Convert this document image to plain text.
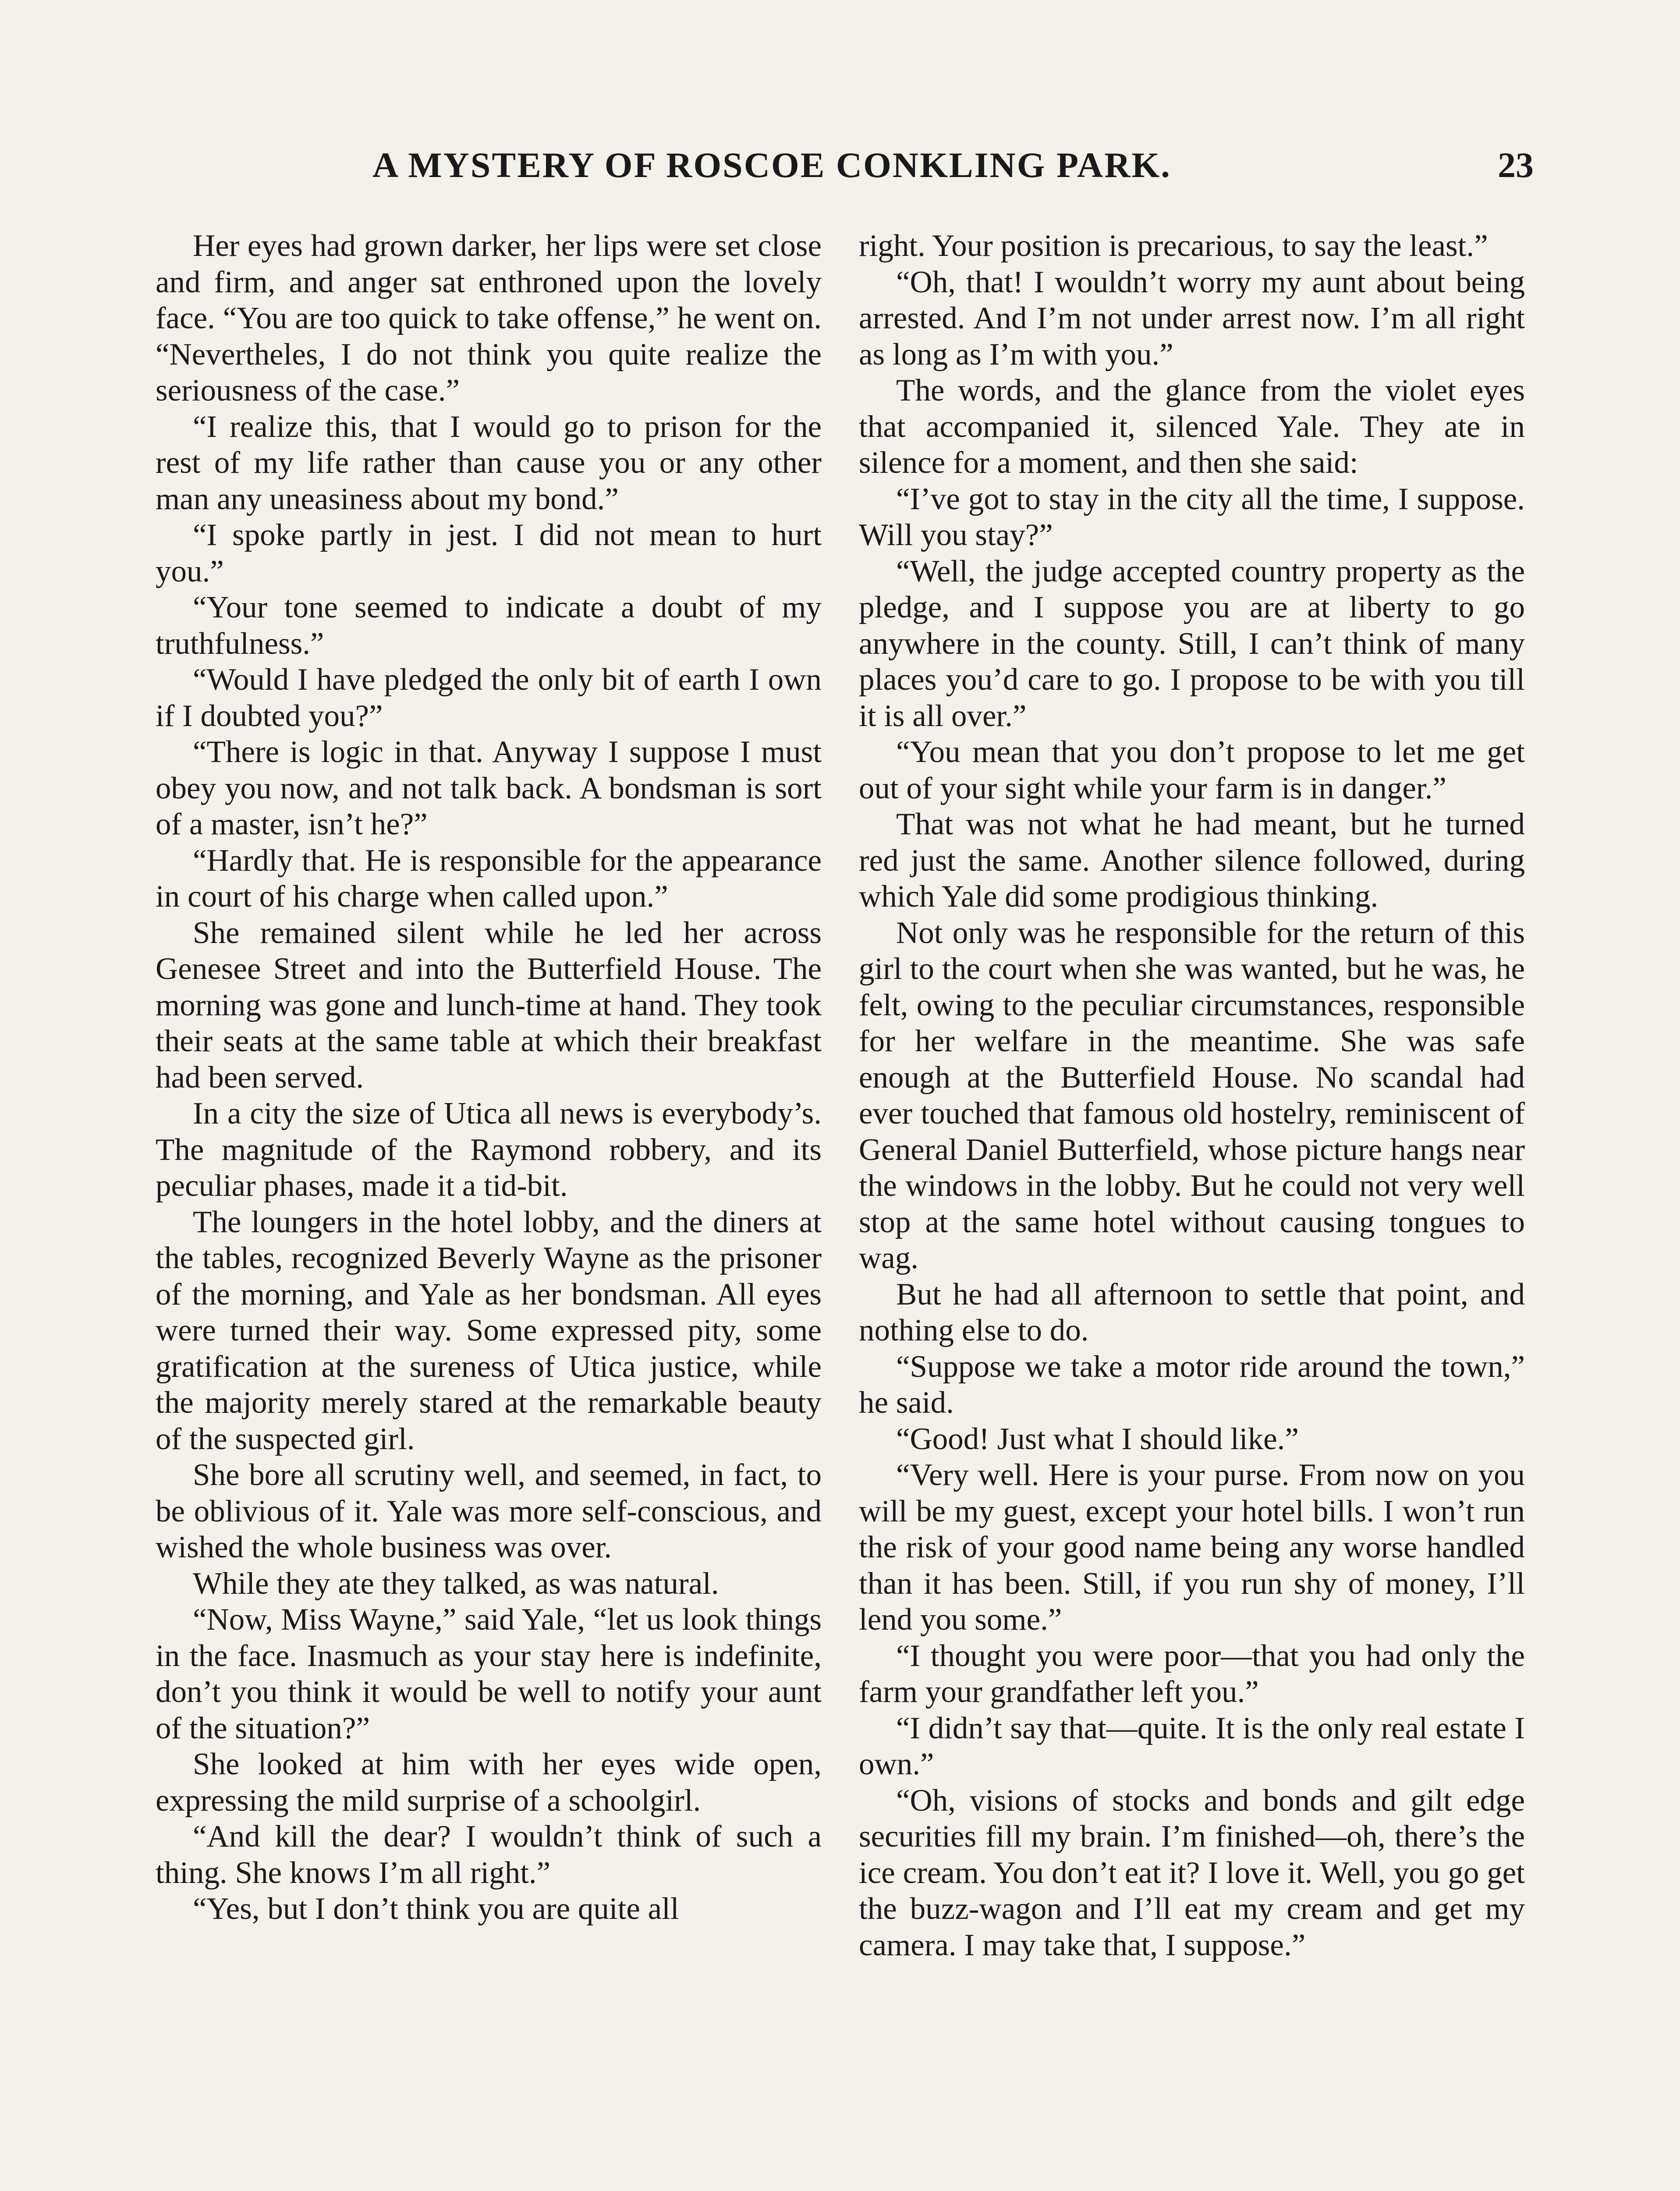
A MYSTERY OF ROSCOE CONKLING PARK.	23

Her eyes had grown darker, her lips were set close and firm, and anger sat enthroned upon the lovely face. “You are too quick to take offense,” he went on. “Nevertheles, I do not think you quite realize the seriousness of the case.”

“I realize this, that I would go to prison for the rest of my life rather than cause you or any other man any uneasiness about my bond.”

“I spoke partly in jest. I did not mean to hurt you.”

“Your tone seemed to indicate a doubt of my truthfulness.”

“Would I have pledged the only bit of earth I own if I doubted you?”

“There is logic in that. Anyway I suppose I must obey you now, and not talk back. A bondsman is sort of a master, isn’t he?”

“Hardly that. He is responsible for the appearance in court of his charge when called upon.”

She remained silent while he led her across Genesee Street and into the Butterfield House. The morning was gone and lunch-time at hand. They took their seats at the same table at which their breakfast had been served.

In a city the size of Utica all news is everybody’s. The magnitude of the Raymond robbery, and its peculiar phases, made it a tid-bit.

The loungers in the hotel lobby, and the diners at the tables, recognized Beverly Wayne as the prisoner of the morning, and Yale as her bondsman. All eyes were turned their way. Some expressed pity, some gratification at the sureness of Utica justice, while the majority merely stared at the remarkable beauty of the suspected girl.

She bore all scrutiny well, and seemed, in fact, to be oblivious of it. Yale was more self-conscious, and wished the whole business was over.

While they ate they talked, as was natural.

“Now, Miss Wayne,” said Yale, “let us look things in the face. Inasmuch as your stay here is indefinite, don’t you think it would be well to notify your aunt of the situation?”

She looked at him with her eyes wide open, expressing the mild surprise of a schoolgirl.

“And kill the dear? I wouldn’t think of such a thing. She knows I’m all right.”

“Yes, but I don’t think you are quite all

right. Your position is precarious, to say the least.”

“Oh, that! I wouldn’t worry my aunt about being arrested. And I’m not under arrest now. I’m all right as long as I’m with you.”

The words, and the glance from the violet eyes that accompanied it, silenced Yale. They ate in silence for a moment, and then she said:

“I’ve got to stay in the city all the time, I suppose. Will you stay?”

“Well, the judge accepted country property as the pledge, and I suppose you are at liberty to go anywhere in the county. Still, I can’t think of many places you’d care to go. I propose to be with you till it is all over.”

“You mean that you don’t propose to let me get out of your sight while your farm is in danger.”

That was not what he had meant, but he turned red just the same. Another silence followed, during which Yale did some prodigious thinking.

Not only was he responsible for the return of this girl to the court when she was wanted, but he was, he felt, owing to the peculiar circumstances, responsible for her welfare in the meantime. She was safe enough at the Butterfield House. No scandal had ever touched that famous old hostelry, reminiscent of General Daniel Butterfield, whose picture hangs near the windows in the lobby. But he could not very well stop at the same hotel without causing tongues to wag.

But he had all afternoon to settle that point, and nothing else to do.

“Suppose we take a motor ride around the town,” he said.

“Good! Just what I should like.”

“Very well. Here is your purse. From now on you will be my guest, except your hotel bills. I won’t run the risk of your good name being any worse handled than it has been. Still, if you run shy of money, I’ll lend you some.”

“I thought you were poor—that you had only the farm your grandfather left you.”

“I didn’t say that—quite. It is the only real estate I own.”

“Oh, visions of stocks and bonds and gilt edge securities fill my brain. I’m finished—oh, there’s the ice cream. You don’t eat it? I love it. Well, you go get the buzz-wagon and I’ll eat my cream and get my camera. I may take that, I suppose.”
